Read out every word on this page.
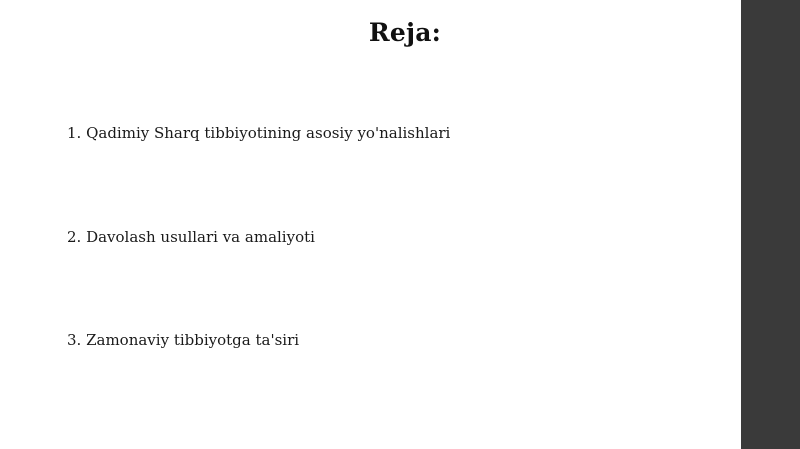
Reja:
1. Qadimiy Sharq tibbiyotining asosiy yo'nalishlari
2. Davolash usullari va amaliyoti
3. Zamonaviy tibbiyotga ta'siri
